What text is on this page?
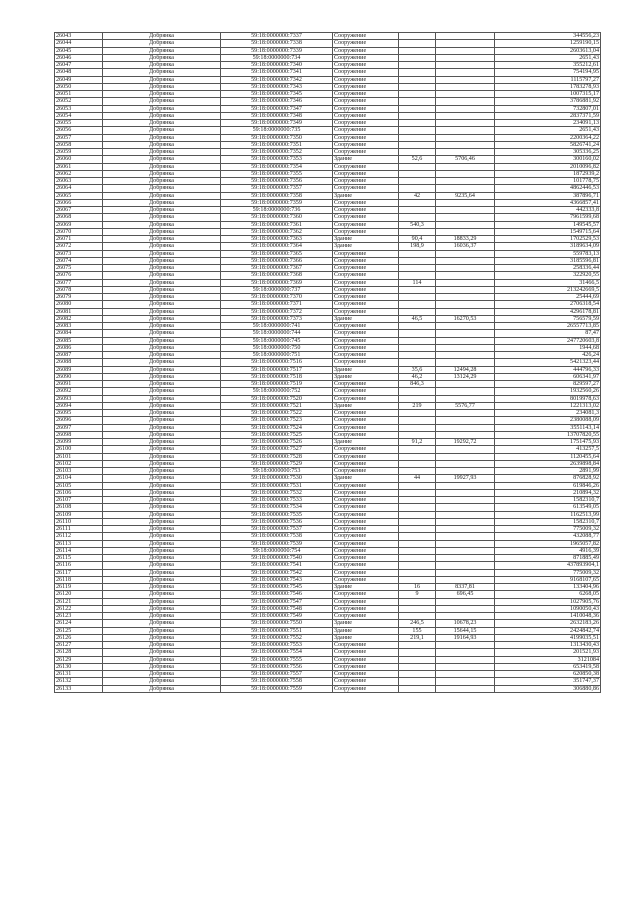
26043	Добрянка	59:18:0000000:7337	Сооружение			344556,23
26044	Добрянка	59:18:0000000:7338	Сооружение			1259190,15
26045	Добрянка	59:18:0000000:7339	Сооружение			2603613,04
26046	Добрянка	59:18:0000000:734	Сооружение			2651,43
26047	Добрянка	59:18:0000000:7340	Сооружение			355212,61
26048	Добрянка	59:18:0000000:7341	Сооружение			754194,95
26049	Добрянка	59:18:0000000:7342	Сооружение			1115797,27
26050	Добрянка	59:18:0000000:7343	Сооружение			1783278,93
26051	Добрянка	59:18:0000000:7345	Сооружение			1007315,17
26052	Добрянка	59:18:0000000:7346	Сооружение			3786881,92
26053	Добрянка	59:18:0000000:7347	Сооружение			732807,01
26054	Добрянка	59:18:0000000:7348	Сооружение			2837371,59
26055	Добрянка	59:18:0000000:7349	Сооружение			234091,13
26056	Добрянка	59:18:0000000:735	Сооружение			2651,43
26057	Добрянка	59:18:0000000:7350	Сооружение			2200364,22
26058	Добрянка	59:18:0000000:7351	Сооружение			5826741,24
26059	Добрянка	59:18:0000000:7352	Сооружение			305336,25
26060	Добрянка	59:18:0000000:7353	Здание	52,6	5706,46	300160,02
26061	Добрянка	59:18:0000000:7354	Сооружение			2010096,82
26062	Добрянка	59:18:0000000:7355	Сооружение			1872939,2
26063	Добрянка	59:18:0000000:7356	Сооружение			101778,75
26064	Добрянка	59:18:0000000:7357	Сооружение			4862446,53
26065	Добрянка	59:18:0000000:7358	Здание	42	9235,64	387896,71
26066	Добрянка	59:18:0000000:7359	Сооружение			4366857,41
26067	Добрянка	59:18:0000000:736	Сооружение			442333,8
26068	Добрянка	59:18:0000000:7360	Сооружение			7961599,68
26069	Добрянка	59:18:0000000:7361	Сооружение	540,3		149545,57
26070	Добрянка	59:18:0000000:7362	Сооружение			1549715,64
26071	Добрянка	59:18:0000000:7363	Здание	90,4	18833,29	1702529,53
26072	Добрянка	59:18:0000000:7364	Здание	198,9	16036,37	3189634,09
26073	Добрянка	59:18:0000000:7365	Сооружение			559783,13
26074	Добрянка	59:18:0000000:7366	Сооружение			3185596,81
26075	Добрянка	59:18:0000000:7367	Сооружение			258336,44
26076	Добрянка	59:18:0000000:7368	Сооружение			322920,55
26077	Добрянка	59:18:0000000:7369	Сооружение	114		31466,5
26078	Добрянка	59:18:0000000:737	Сооружение			213242669,5
26079	Добрянка	59:18:0000000:7370	Сооружение			25444,69
26080	Добрянка	59:18:0000000:7371	Сооружение			2706318,54
26081	Добрянка	59:18:0000000:7372	Сооружение			4296178,81
26082	Добрянка	59:18:0000000:7373	Здание	46,5	16270,53	756579,59
26083	Добрянка	59:18:0000000:741	Сооружение			26557713,85
26084	Добрянка	59:18:0000000:744	Сооружение			87,47
26085	Добрянка	59:18:0000000:745	Сооружение			247720603,8
26086	Добрянка	59:18:0000000:750	Сооружение			1944,68
26087	Добрянка	59:18:0000000:751	Сооружение			426,24
26088	Добрянка	59:18:0000000:7516	Сооружение			5421323,44
26089	Добрянка	59:18:0000000:7517	Здание	35,6	12494,28	444796,33
26090	Добрянка	59:18:0000000:7518	Здание	46,2	13124,29	606341,97
26091	Добрянка	59:18:0000000:7519	Сооружение	846,3		829597,27
26092	Добрянка	59:18:0000000:752	Сооружение			1932560,26
26093	Добрянка	59:18:0000000:7520	Сооружение			8019978,63
26094	Добрянка	59:18:0000000:7521	Здание	219	5576,77	1221313,02
26095	Добрянка	59:18:0000000:7522	Сооружение			234081,3
26096	Добрянка	59:18:0000000:7523	Сооружение			2380088,09
26097	Добрянка	59:18:0000000:7524	Сооружение			3551143,14
26098	Добрянка	59:18:0000000:7525	Сооружение			13707820,55
26099	Добрянка	59:18:0000000:7526	Здание	91,2	19292,72	1751475,93
26100	Добрянка	59:18:0000000:7527	Сооружение			413257,5
26101	Добрянка	59:18:0000000:7528	Сооружение			1120455,64
26102	Добрянка	59:18:0000000:7529	Сооружение			2639898,84
26103	Добрянка	59:18:0000000:753	Сооружение			2891,99
26104	Добрянка	59:18:0000000:7530	Здание	44	19927,93	876828,92
26105	Добрянка	59:18:0000000:7531	Сооружение			619846,26
26106	Добрянка	59:18:0000000:7532	Сооружение			210894,32
26107	Добрянка	59:18:0000000:7533	Сооружение			1582310,7
26108	Добрянка	59:18:0000000:7534	Сооружение			613549,05
26109	Добрянка	59:18:0000000:7535	Сооружение			1162513,99
26110	Добрянка	59:18:0000000:7536	Сооружение			1582310,7
26111	Добрянка	59:18:0000000:7537	Сооружение			775009,32
26112	Добрянка	59:18:0000000:7538	Сооружение			432088,77
26113	Добрянка	59:18:0000000:7539	Сооружение			1965057,82
26114	Добрянка	59:18:0000000:754	Сооружение			4916,39
26115	Добрянка	59:18:0000000:7540	Сооружение			871885,49
26116	Добрянка	59:18:0000000:7541	Сооружение			437893904,1
26117	Добрянка	59:18:0000000:7542	Сооружение			775009,32
26118	Добрянка	59:18:0000000:7543	Сооружение			9168107,65
26119	Добрянка	59:18:0000000:7545	Здание	16	8337,81	133404,96
26120	Добрянка	59:18:0000000:7546	Сооружение	9	696,45	6268,05
26121	Добрянка	59:18:0000000:7547	Сооружение			1027905,76
26122	Добрянка	59:18:0000000:7548	Сооружение			1090050,43
26123	Добрянка	59:18:0000000:7549	Сооружение			1410048,36
26124	Добрянка	59:18:0000000:7550	Здание	246,5	10678,23	2632183,26
26125	Добрянка	59:18:0000000:7551	Здание	155	15644,15	2424842,74
26126	Добрянка	59:18:0000000:7552	Здание	219,1	19164,93	4199035,51
26127	Добрянка	59:18:0000000:7553	Сооружение			1313430,43
26128	Добрянка	59:18:0000000:7554	Сооружение			201521,93
26129	Добрянка	59:18:0000000:7555	Сооружение			3121084
26130	Добрянка	59:18:0000000:7556	Сооружение			653419,58
26131	Добрянка	59:18:0000000:7557	Сооружение			620850,38
26132	Добрянка	59:18:0000000:7558	Сооружение			351747,37
26133	Добрянка	59:18:0000000:7559	Сооружение			306880,86
